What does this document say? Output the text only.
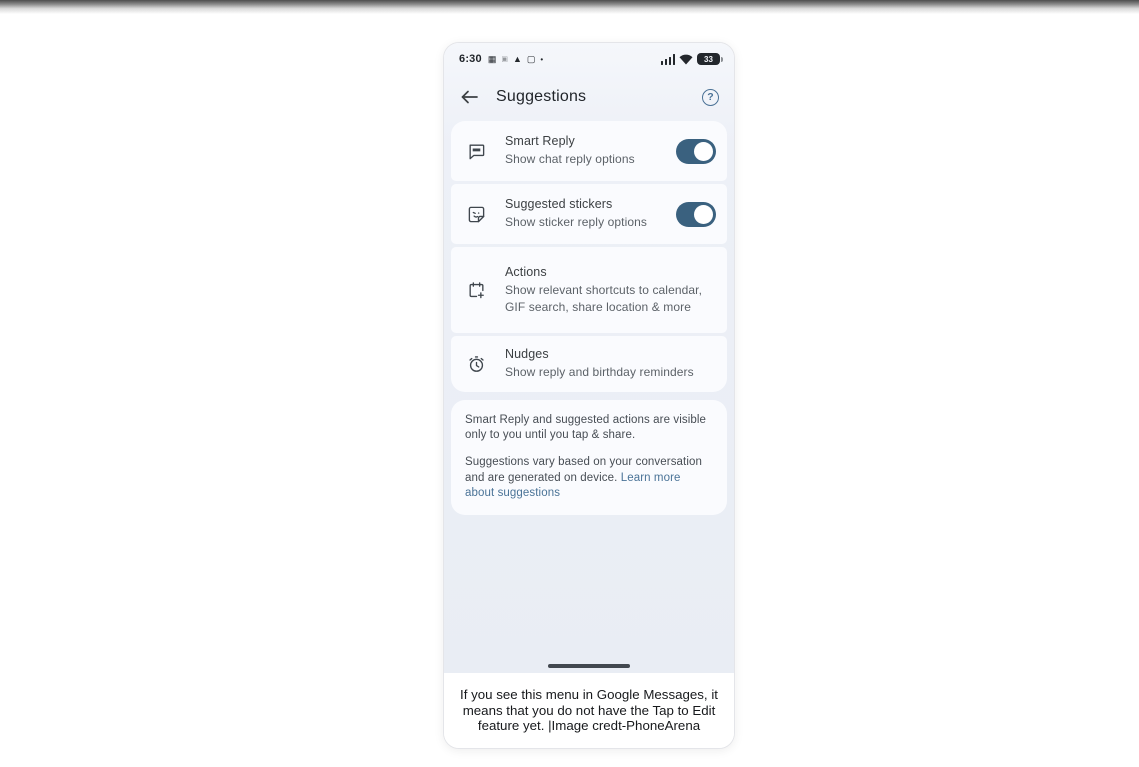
6:30 ▦ ▣ ▲ ▢ •	33
Suggestions	?
Smart Reply
Show chat reply options
Suggested stickers
Show sticker reply options
Actions
Show relevant shortcuts to calendar, GIF search, share location & more
Nudges
Show reply and birthday reminders

Smart Reply and suggested actions are visible only to you until you tap & share.

Suggestions vary based on your conversation and are generated on device. Learn more about suggestions

If you see this menu in Google Messages, it means that you do not have the Tap to Edit feature yet. |Image credt-PhoneArena
